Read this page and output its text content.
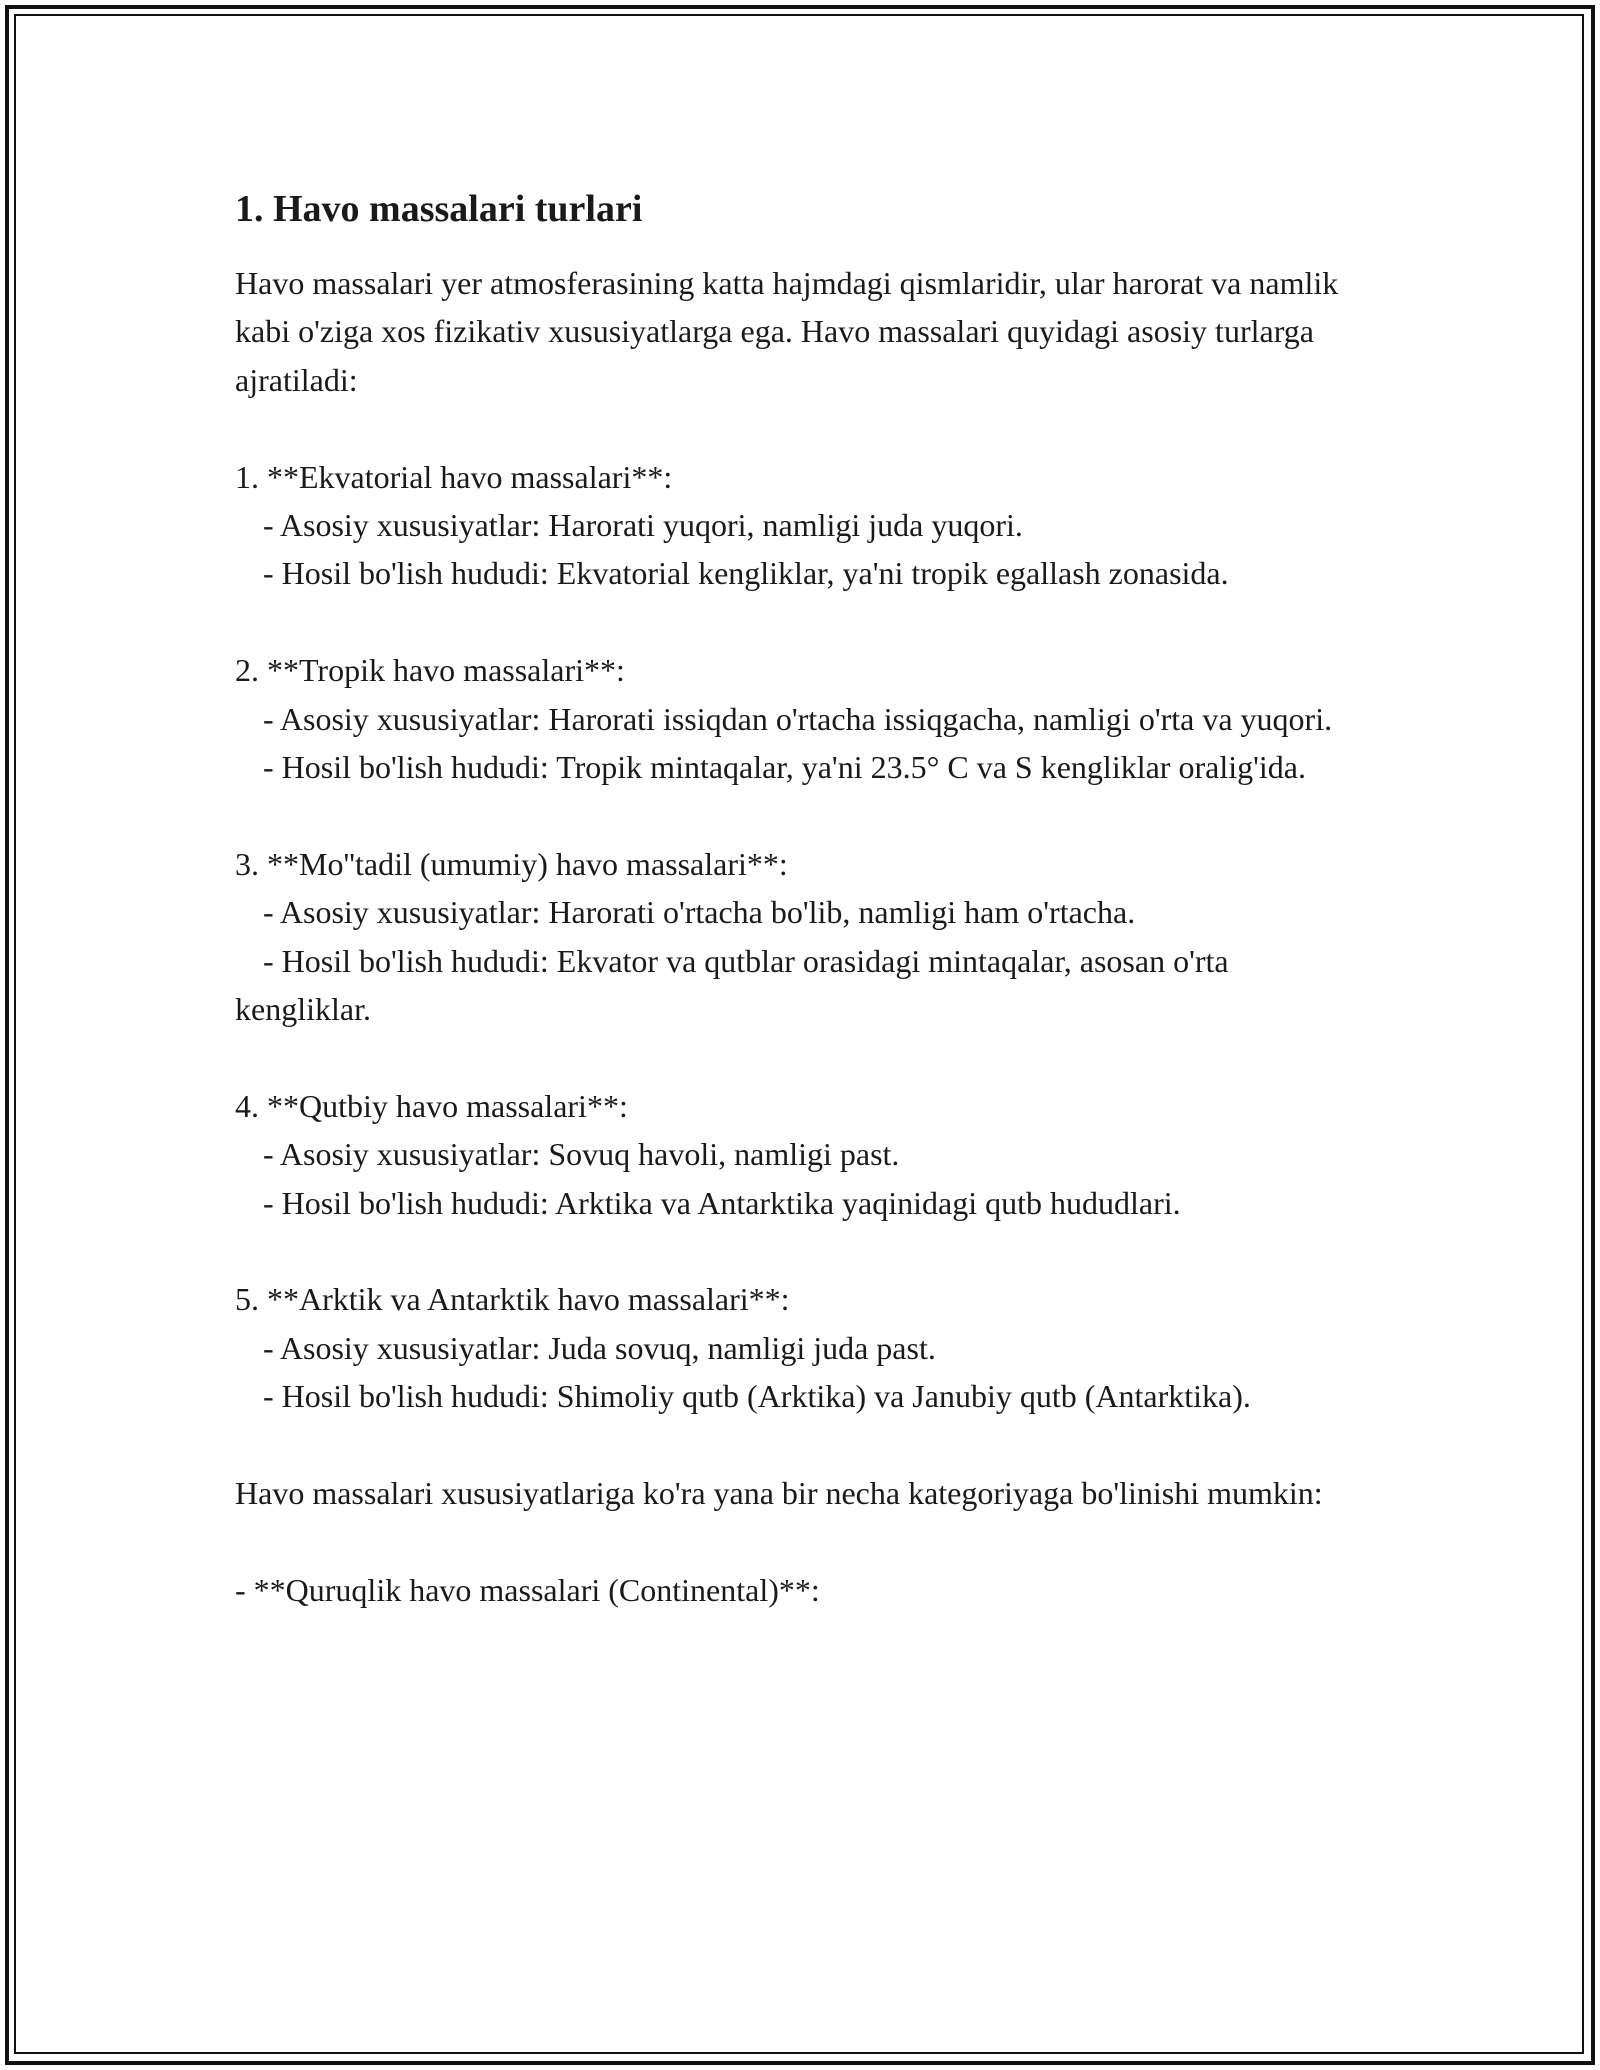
1. Havo massalari turlari

Havo massalari yer atmosferasining katta hajmdagi qismlaridir, ular harorat va namlik kabi o'ziga xos fizikativ xususiyatlarga ega. Havo massalari quyidagi asosiy turlarga ajratiladi:

1. **Ekvatorial havo massalari**:

- Asosiy xususiyatlar: Harorati yuqori, namligi juda yuqori.

- Hosil bo'lish hududi: Ekvatorial kengliklar, ya'ni tropik egallash zonasida.

2. **Tropik havo massalari**:

- Asosiy xususiyatlar: Harorati issiqdan o'rtacha issiqgacha, namligi o'rta va yuqori.

- Hosil bo'lish hududi: Tropik mintaqalar, ya'ni 23.5° C va S kengliklar oralig'ida.

3. **Mo''tadil (umumiy) havo massalari**:

- Asosiy xususiyatlar: Harorati o'rtacha bo'lib, namligi ham o'rtacha.

- Hosil bo'lish hududi: Ekvator va qutblar orasidagi mintaqalar, asosan o'rta kengliklar.

4. **Qutbiy havo massalari**:

- Asosiy xususiyatlar: Sovuq havoli, namligi past.

- Hosil bo'lish hududi: Arktika va Antarktika yaqinidagi qutb hududlari.

5. **Arktik va Antarktik havo massalari**:

- Asosiy xususiyatlar: Juda sovuq, namligi juda past.

- Hosil bo'lish hududi: Shimoliy qutb (Arktika) va Janubiy qutb (Antarktika).

Havo massalari xususiyatlariga ko'ra yana bir necha kategoriyaga bo'linishi mumkin:

- **Quruqlik havo massalari (Continental)**:
